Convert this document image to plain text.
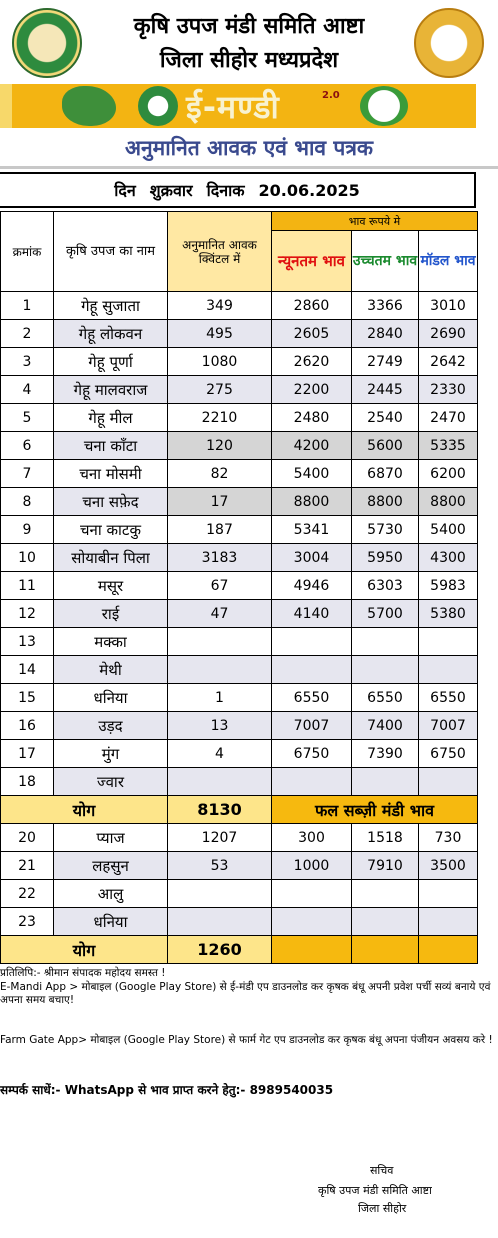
कृषि उपज मंडी समिति आष्टा
जिला सीहोर मध्यप्रदेश
ई-मण्डी	2.0
अनुमानित आवक एवं भाव पत्रक
दिन शुक्रवार दिनाक 20.06.2025
क्रमांक	कृषि उपज का नाम	अनुमानित आवक क्विंटल में	भाव रूपये मे		
			न्यूनतम भाव	उच्चतम भाव	मॉडल भाव
1	गेहू सुजाता	349	2860	3366	3010
2	गेहू लोकवन	495	2605	2840	2690
3	गेहू पूर्णा	1080	2620	2749	2642
4	गेहू मालवराज	275	2200	2445	2330
5	गेहू मील	2210	2480	2540	2470
6	चना काँटा	120	4200	5600	5335
7	चना मोसमी	82	5400	6870	6200
8	चना सफ़ेद	17	8800	8800	8800
9	चना काटकु	187	5341	5730	5400
10	सोयाबीन पिला	3183	3004	5950	4300
11	मसूर	67	4946	6303	5983
12	राई	47	4140	5700	5380
13	मक्का				
14	मेथी				
15	धनिया	1	6550	6550	6550
16	उड़द	13	7007	7400	7007
17	मुंग	4	6750	7390	6750
18	ज्वार				
योग		8130	फल सब्ज़ी मंडी भाव		
20	प्याज	1207	300	1518	730
21	लहसुन	53	1000	7910	3500
22	आलु				
23	धनिया				
योग		1260			
प्रतिलिपि:- श्रीमान संपादक महोदय समस्त !
E-Mandi App > मोबाइल (Google Play Store) से ई-मंडी एप डाउनलोड कर कृषक बंधू अपनी प्रवेश पर्ची सव्यं बनाये एवं अपना समय बचाए!
Farm Gate App> मोबाइल (Google Play Store) से फार्म गेट एप डाउनलोड कर कृषक बंधू अपना पंजीयन अवसय करे !
सम्पर्क साधें:- WhatsApp से भाव प्राप्त करने हेतु:- 8989540035
सचिव
कृषि उपज मंडी समिति आष्टा
जिला सीहोर
